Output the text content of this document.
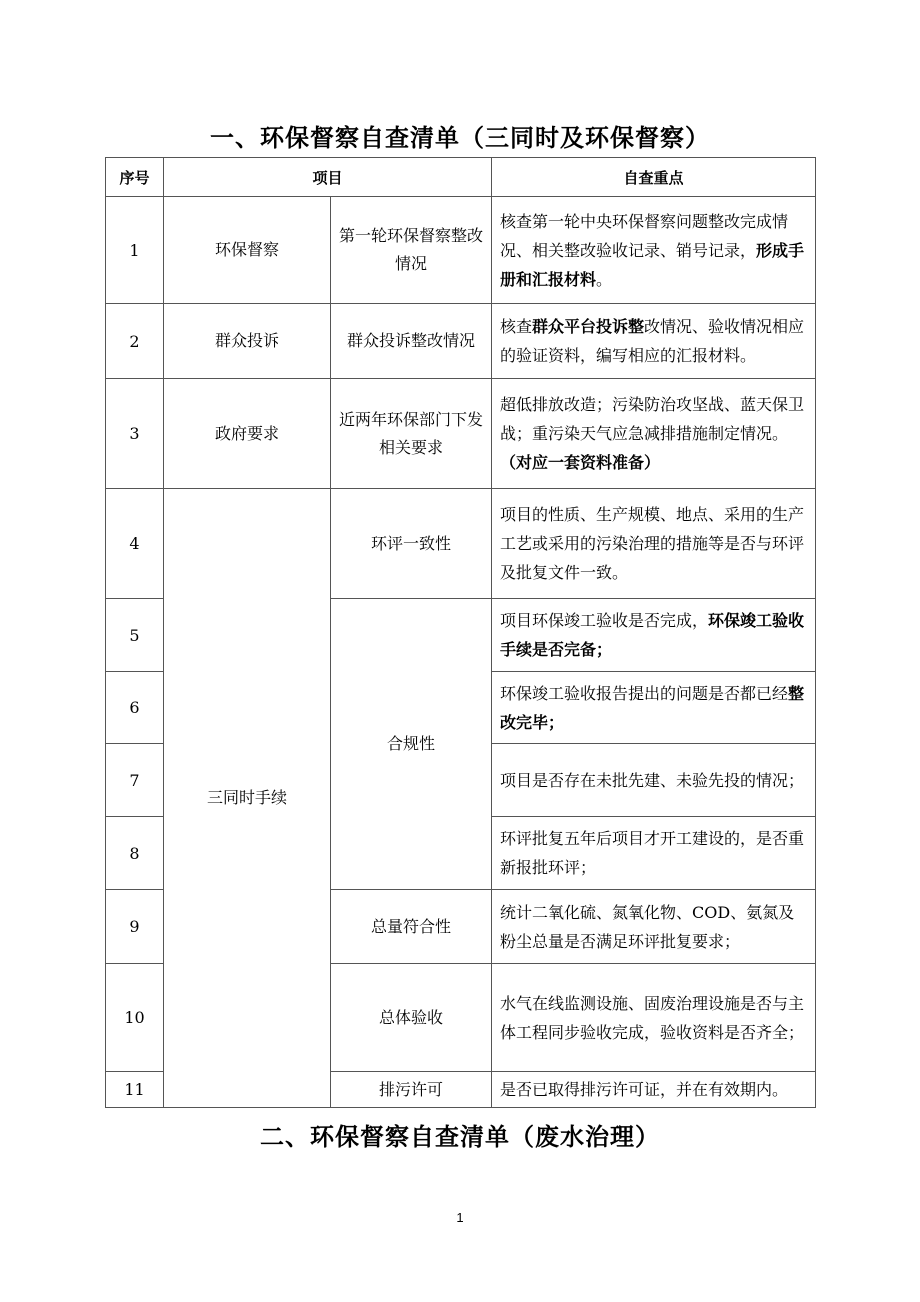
一、环保督察自查清单（三同时及环保督察）
序号	项目		自查重点
1	环保督察	第一轮环保督察整改情况	核查第一轮中央环保督察问题整改完成情况、相关整改验收记录、销号记录，形成手册和汇报材料。
2	群众投诉	群众投诉整改情况	核查群众平台投诉整改情况、验收情况相应的验证资料，编写相应的汇报材料。
3	政府要求	近两年环保部门下发相关要求	超低排放改造；污染防治攻坚战、蓝天保卫战；重污染天气应急减排措施制定情况。（对应一套资料准备）
4	三同时手续	环评一致性	项目的性质、生产规模、地点、采用的生产工艺或采用的污染治理的措施等是否与环评及批复文件一致。
5		合规性	项目环保竣工验收是否完成，环保竣工验收手续是否完备；
6			环保竣工验收报告提出的问题是否都已经整改完毕；
7			项目是否存在未批先建、未验先投的情况；
8			环评批复五年后项目才开工建设的，是否重新报批环评；
9		总量符合性	统计二氧化硫、氮氧化物、COD、氨氮及粉尘总量是否满足环评批复要求；
10		总体验收	水气在线监测设施、固废治理设施是否与主体工程同步验收完成，验收资料是否齐全；
11		排污许可	是否已取得排污许可证，并在有效期内。
二、环保督察自查清单（废水治理）
1
